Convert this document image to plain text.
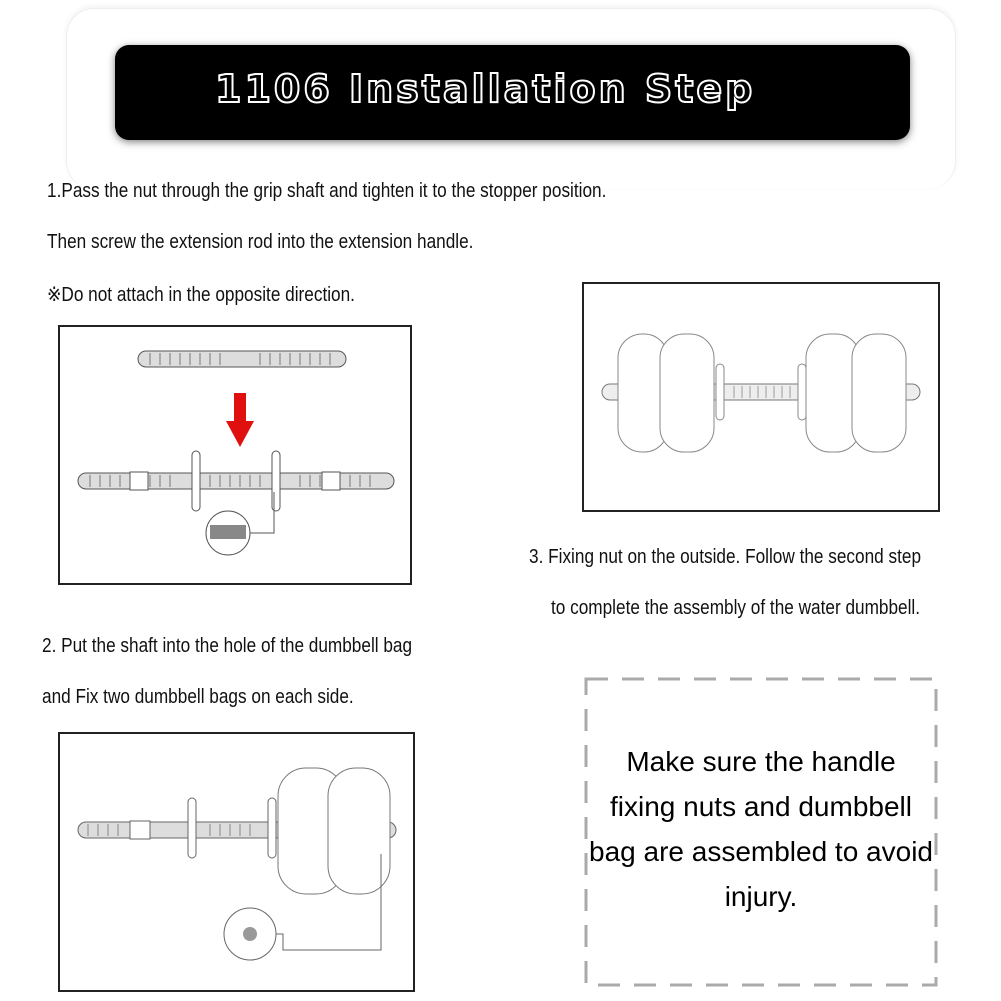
1106 Installation Step
1.Pass the nut through the grip shaft and tighten it to the stopper position.
Then screw the extension rod into the extension handle.
※Do not attach in the opposite direction.
3. Fixing nut on the outside. Follow the second step
to complete the assembly of the water dumbbell.
2. Put the shaft into the hole of the dumbbell bag
and Fix two dumbbell bags on each side.
Make sure the handle
fixing nuts and dumbbell
bag are assembled to avoid
injury.
